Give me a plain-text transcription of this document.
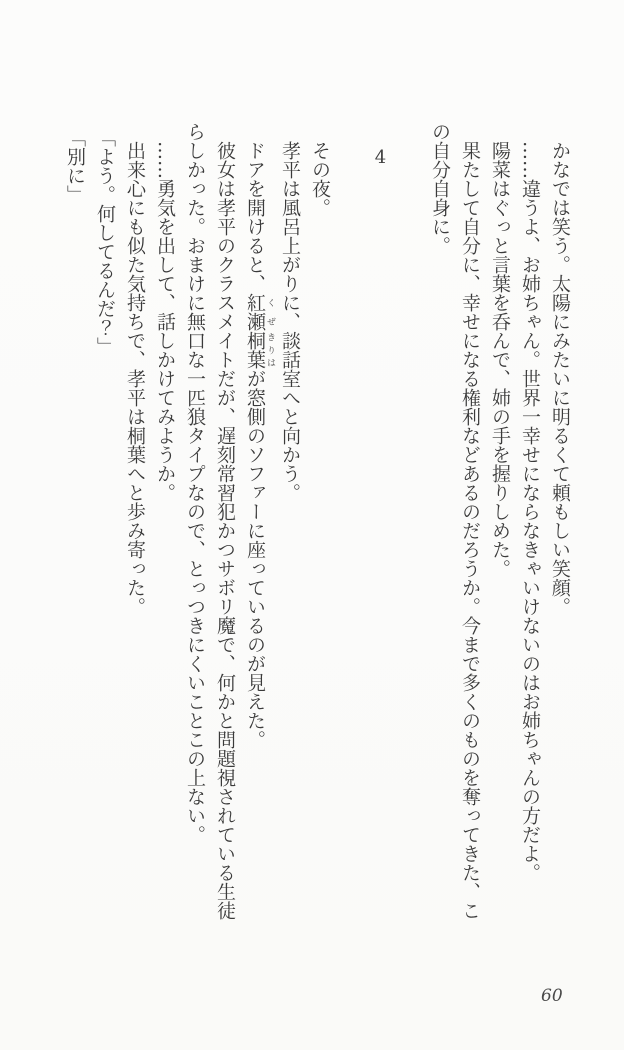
かなでは笑う。太陽にみたいに明るくて頼もしい笑顔。

……違うよ、お姉ちゃん。世界一幸せにならなきゃいけないのはお姉ちゃんの方だよ。

陽菜はぐっと言葉を呑んで、姉の手を握りしめた。

果たして自分に、幸せになる権利などあるのだろうか。今まで多くのものを奪ってきた、この自分自身に。

4

その夜。

孝平は風呂上がりに、談話室へと向かう。

ドアを開けると、紅瀬 くぜ桐葉 きりはが窓側のソファーに座っているのが見えた。

彼女は孝平のクラスメイトだが、遅刻常習犯かつサボリ魔で、何かと問題視されている生徒らしかった。おまけに無口な一匹狼タイプなので、とっつきにくいことこの上ない。

……勇気を出して、話しかけてみようか。

出来心にも似た気持ちで、孝平は桐葉へと歩み寄った。

「よう。何してるんだ？」

「別に」

60
